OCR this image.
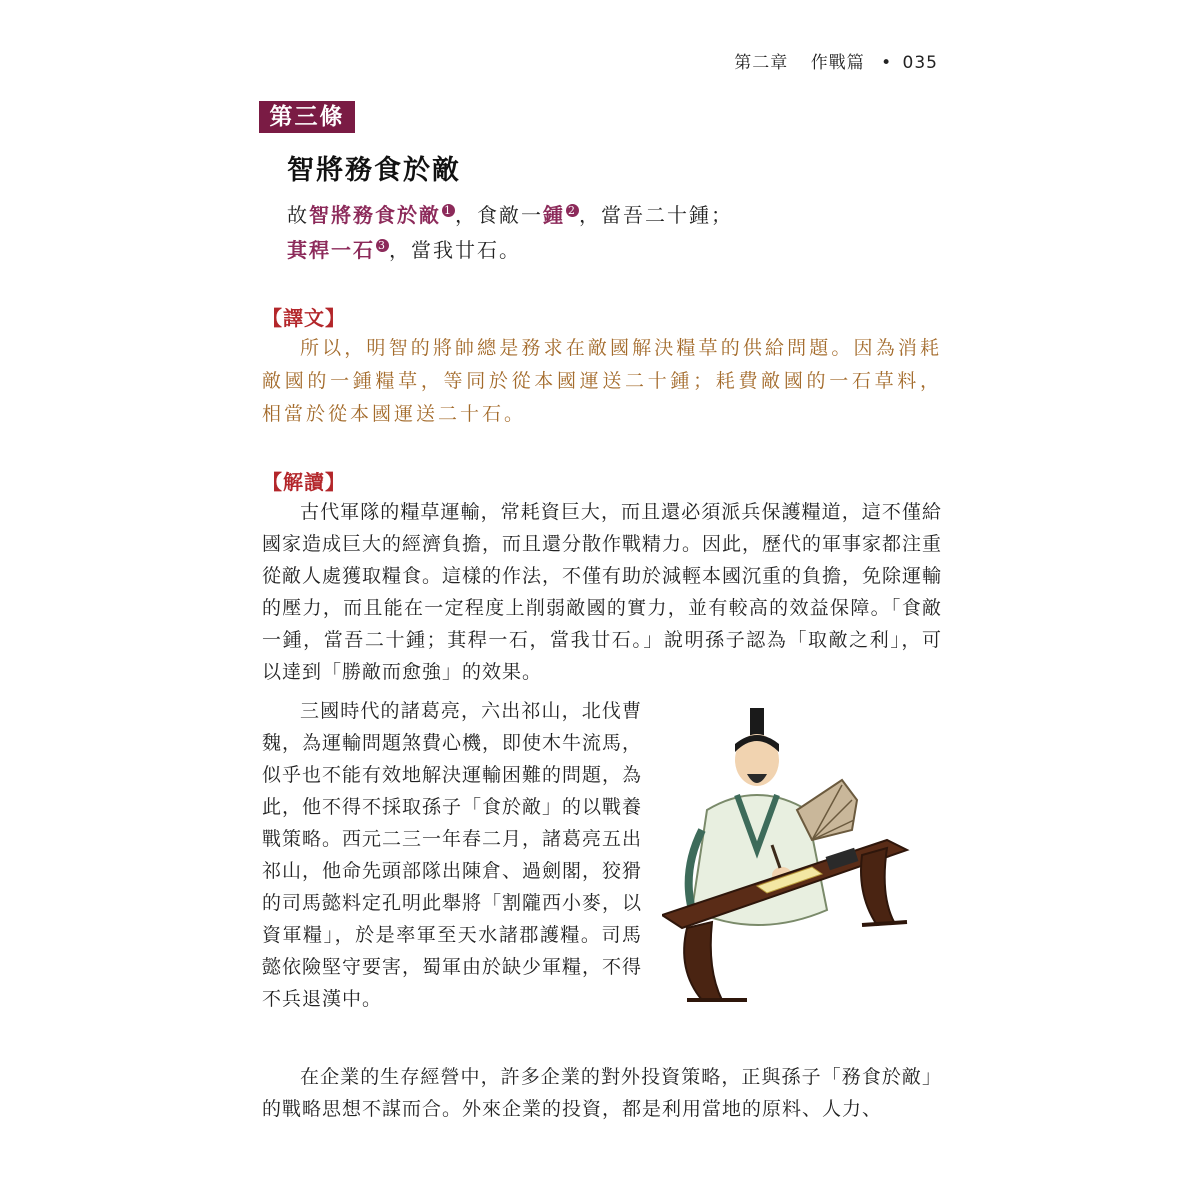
第二章 作戰篇 • 035
第三條
智將務食於敵
故智將務食於敵 $^1$ ，食敵一鍾 $^2$ ，當吾二十鍾；
萁稈一石 $^3$ ，當我廿石。
【譯文】

所以，明智的將帥總是務求在敵國解決糧草的供給問題。因為消耗敵國的一鍾糧草，等同於從本國運送二十鍾；耗費敵國的一石草料，相當於從本國運送二十石。

【解讀】

古代軍隊的糧草運輸，常耗資巨大，而且還必須派兵保護糧道，這不僅給國家造成巨大的經濟負擔，而且還分散作戰精力。因此，歷代的軍事家都注重從敵人處獲取糧食。這樣的作法，不僅有助於減輕本國沉重的負擔，免除運輸的壓力，而且能在一定程度上削弱敵國的實力，並有較高的效益保障。「食敵一鍾，當吾二十鍾；萁稈一石，當我廿石。」說明孫子認為「取敵之利」，可以達到「勝敵而愈強」的效果。

三國時代的諸葛亮，六出祁山，北伐曹魏，為運輸問題煞費心機，即使木牛流馬，似乎也不能有效地解決運輸困難的問題，為此，他不得不採取孫子「食於敵」的以戰養戰策略。西元二三一年春二月，諸葛亮五出祁山，他命先頭部隊出陳倉、過劍閣，狡猾的司馬懿料定孔明此舉將「割隴西小麥，以資軍糧」，於是率軍至天水諸郡護糧。司馬懿依險堅守要害，蜀軍由於缺少軍糧，不得不兵退漢中。

在企業的生存經營中，許多企業的對外投資策略，正與孫子「務食於敵」的戰略思想不謀而合。外來企業的投資，都是利用當地的原料、人力、
